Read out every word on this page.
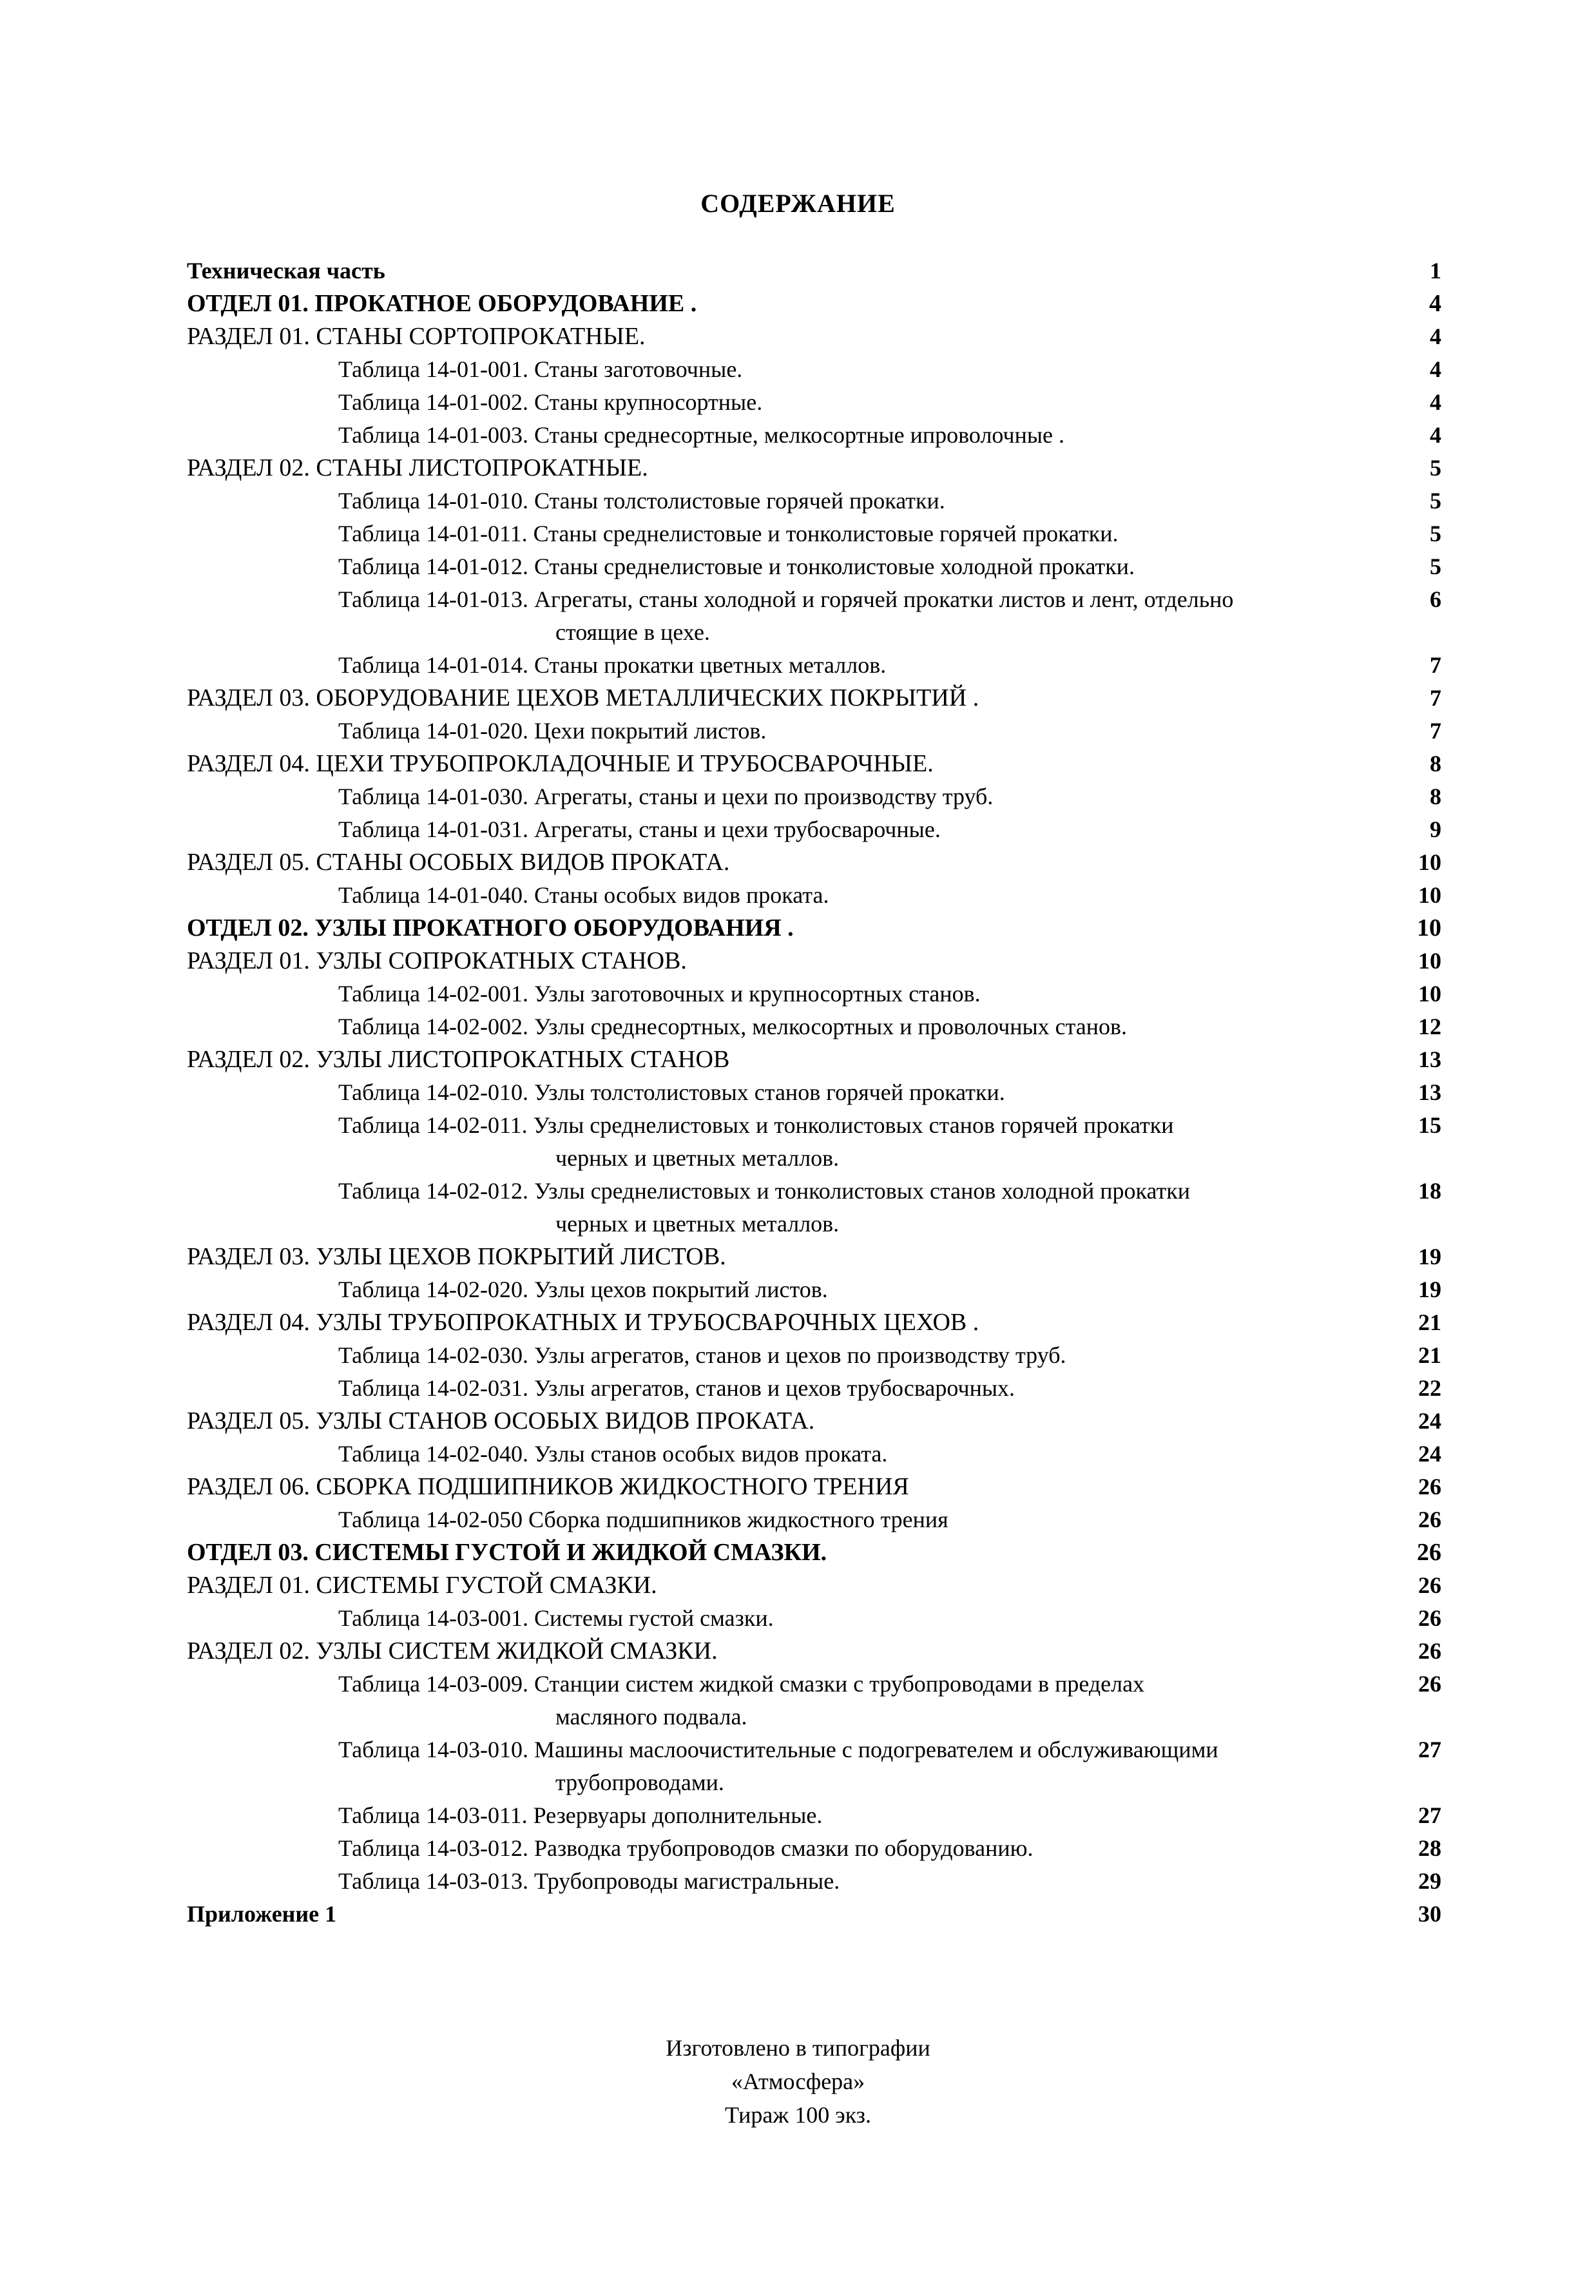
СОДЕРЖАНИЕ
Техническая часть	1
ОТДЕЛ 01. ПРОКАТНОЕ ОБОРУДОВАНИЕ .	4
РАЗДЕЛ 01. СТАНЫ СОРТОПРОКАТНЫЕ.	4
Таблица 14-01-001. Станы заготовочные.	4
Таблица 14-01-002. Станы крупносортные.	4
Таблица 14-01-003. Станы среднесортные, мелкосортные ипроволочные .	4
РАЗДЕЛ 02. СТАНЫ ЛИСТОПРОКАТНЫЕ.	5
Таблица 14-01-010. Станы толстолистовые горячей прокатки.	5
Таблица 14-01-011. Станы среднелистовые и тонколистовые горячей прокатки.	5
Таблица 14-01-012. Станы среднелистовые и тонколистовые холодной прокатки.	5
Таблица 14-01-013. Агрегаты, станы холодной и горячей прокатки листов и лент, отдельно	6
стоящие в цехе.
Таблица 14-01-014. Станы прокатки цветных металлов.	7
РАЗДЕЛ 03. ОБОРУДОВАНИЕ ЦЕХОВ МЕТАЛЛИЧЕСКИХ ПОКРЫТИЙ .	7
Таблица 14-01-020. Цехи покрытий листов.	7
РАЗДЕЛ 04. ЦЕХИ ТРУБОПРОКЛАДОЧНЫЕ И ТРУБОСВАРОЧНЫЕ.	8
Таблица 14-01-030. Агрегаты, станы и цехи по производству труб.	8
Таблица 14-01-031. Агрегаты, станы и цехи трубосварочные.	9
РАЗДЕЛ 05. СТАНЫ ОСОБЫХ ВИДОВ ПРОКАТА.	10
Таблица 14-01-040. Станы особых видов проката.	10
ОТДЕЛ 02. УЗЛЫ ПРОКАТНОГО ОБОРУДОВАНИЯ .	10
РАЗДЕЛ 01. УЗЛЫ СОПРОКАТНЫХ СТАНОВ.	10
Таблица 14-02-001. Узлы заготовочных и крупносортных станов.	10
Таблица 14-02-002. Узлы среднесортных, мелкосортных и проволочных станов.	12
РАЗДЕЛ 02. УЗЛЫ ЛИСТОПРОКАТНЫХ СТАНОВ	13
Таблица 14-02-010. Узлы толстолистовых станов горячей прокатки.	13
Таблица 14-02-011. Узлы среднелистовых и тонколистовых станов горячей прокатки	15
черных и цветных металлов.
Таблица 14-02-012. Узлы среднелистовых и тонколистовых станов холодной прокатки	18
черных и цветных металлов.
РАЗДЕЛ 03. УЗЛЫ ЦЕХОВ ПОКРЫТИЙ ЛИСТОВ.	19
Таблица 14-02-020. Узлы цехов покрытий листов.	19
РАЗДЕЛ 04. УЗЛЫ ТРУБОПРОКАТНЫХ И ТРУБОСВАРОЧНЫХ ЦЕХОВ .	21
Таблица 14-02-030. Узлы агрегатов, станов и цехов по производству труб.	21
Таблица 14-02-031. Узлы агрегатов, станов и цехов трубосварочных.	22
РАЗДЕЛ 05. УЗЛЫ СТАНОВ ОСОБЫХ ВИДОВ ПРОКАТА.	24
Таблица 14-02-040. Узлы станов особых видов проката.	24
РАЗДЕЛ 06. СБОРКА ПОДШИПНИКОВ ЖИДКОСТНОГО ТРЕНИЯ	26
Таблица 14-02-050 Сборка подшипников жидкостного трения	26
ОТДЕЛ 03. СИСТЕМЫ ГУСТОЙ И ЖИДКОЙ СМАЗКИ.	26
РАЗДЕЛ 01. СИСТЕМЫ ГУСТОЙ СМАЗКИ.	26
Таблица 14-03-001. Системы густой смазки.	26
РАЗДЕЛ 02. УЗЛЫ СИСТЕМ ЖИДКОЙ СМАЗКИ.	26
Таблица 14-03-009. Станции систем жидкой смазки с трубопроводами в пределах	26
масляного подвала.
Таблица 14-03-010. Машины маслоочистительные с подогревателем и обслуживающими	27
трубопроводами.
Таблица 14-03-011. Резервуары дополнительные.	27
Таблица 14-03-012. Разводка трубопроводов смазки по оборудованию.	28
Таблица 14-03-013. Трубопроводы магистральные.	29
Приложение 1	30
Изготовлено в типографии
«Атмосфера»
Тираж 100 экз.
